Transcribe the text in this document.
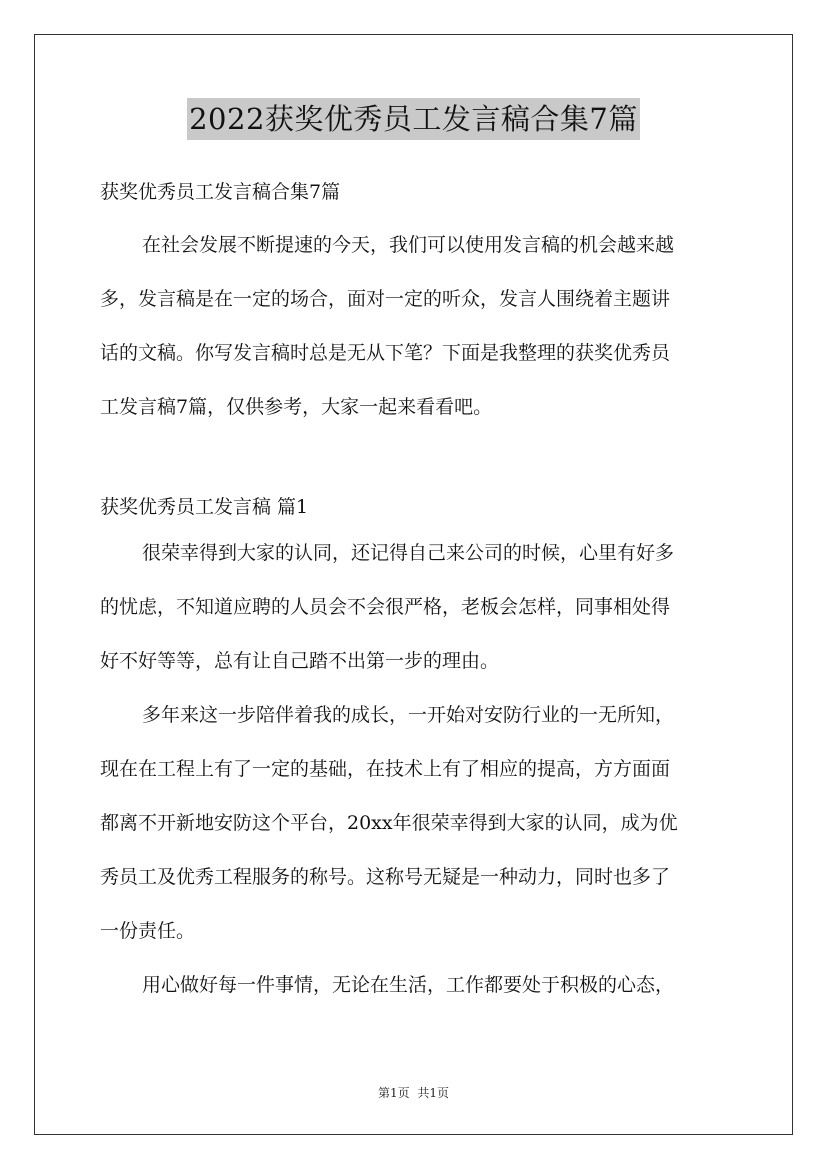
2022获奖优秀员工发言稿合集7篇
获奖优秀员工发言稿合集7篇
在社会发展不断提速的今天，我们可以使用发言稿的机会越来越
多，发言稿是在一定的场合，面对一定的听众，发言人围绕着主题讲
话的文稿。你写发言稿时总是无从下笔？下面是我整理的获奖优秀员
工发言稿7篇，仅供参考，大家一起来看看吧。
获奖优秀员工发言稿 篇1
很荣幸得到大家的认同，还记得自己来公司的时候，心里有好多
的忧虑，不知道应聘的人员会不会很严格，老板会怎样，同事相处得
好不好等等，总有让自己踏不出第一步的理由。
多年来这一步陪伴着我的成长，一开始对安防行业的一无所知，
现在在工程上有了一定的基础，在技术上有了相应的提高，方方面面
都离不开新地安防这个平台，20xx年很荣幸得到大家的认同，成为优
秀员工及优秀工程服务的称号。这称号无疑是一种动力，同时也多了
一份责任。
用心做好每一件事情，无论在生活，工作都要处于积极的心态，
第1页 共1页
